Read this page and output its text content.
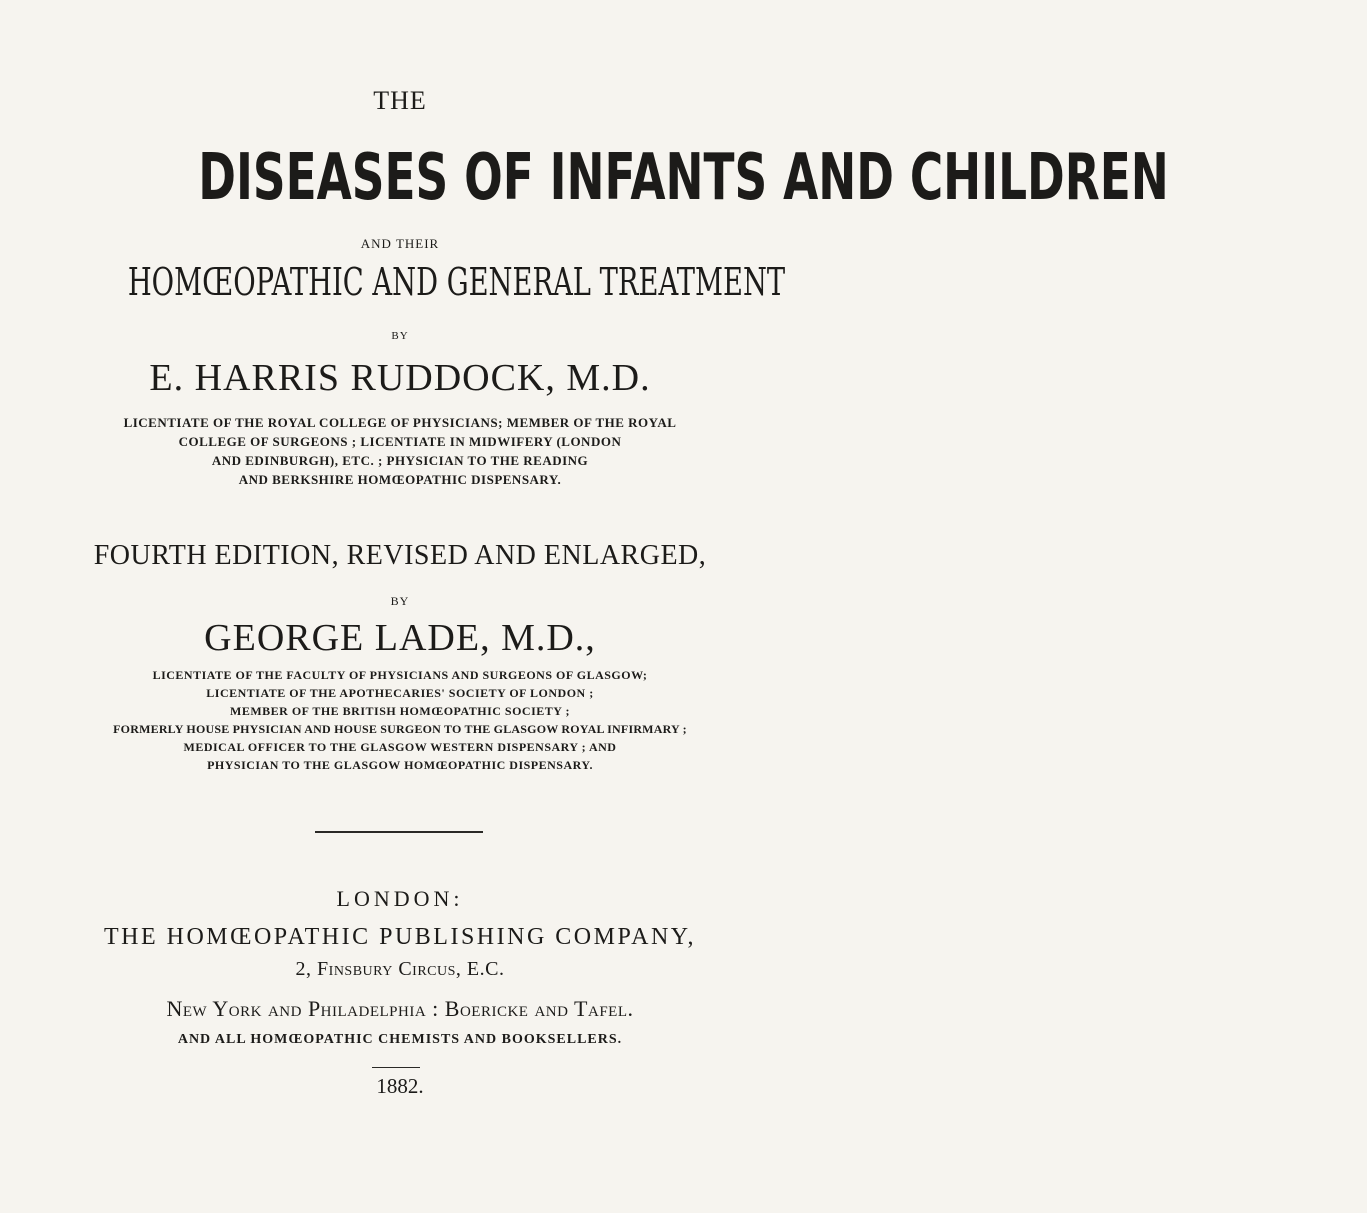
THE
DISEASES OF INFANTS AND CHILDREN
AND THEIR
HOMŒOPATHIC AND GENERAL TREATMENT
BY
E. HARRIS RUDDOCK, M.D.
LICENTIATE OF THE ROYAL COLLEGE OF PHYSICIANS; MEMBER OF THE ROYAL
COLLEGE OF SURGEONS ; LICENTIATE IN MIDWIFERY (LONDON
AND EDINBURGH), ETC. ; PHYSICIAN TO THE READING
AND BERKSHIRE HOMŒOPATHIC DISPENSARY.
FOURTH EDITION, REVISED AND ENLARGED,
BY
GEORGE LADE, M.D.,
LICENTIATE OF THE FACULTY OF PHYSICIANS AND SURGEONS OF GLASGOW;
LICENTIATE OF THE APOTHECARIES' SOCIETY OF LONDON ;
MEMBER OF THE BRITISH HOMŒOPATHIC SOCIETY ;
FORMERLY HOUSE PHYSICIAN AND HOUSE SURGEON TO THE GLASGOW ROYAL INFIRMARY ;
MEDICAL OFFICER TO THE GLASGOW WESTERN DISPENSARY ; AND
PHYSICIAN TO THE GLASGOW HOMŒOPATHIC DISPENSARY.
LONDON:
THE HOMŒOPATHIC PUBLISHING COMPANY,
2, Finsbury Circus, E.C.
New York and Philadelphia : Boericke and Tafel.
AND ALL HOMŒOPATHIC CHEMISTS AND BOOKSELLERS.
1882.
